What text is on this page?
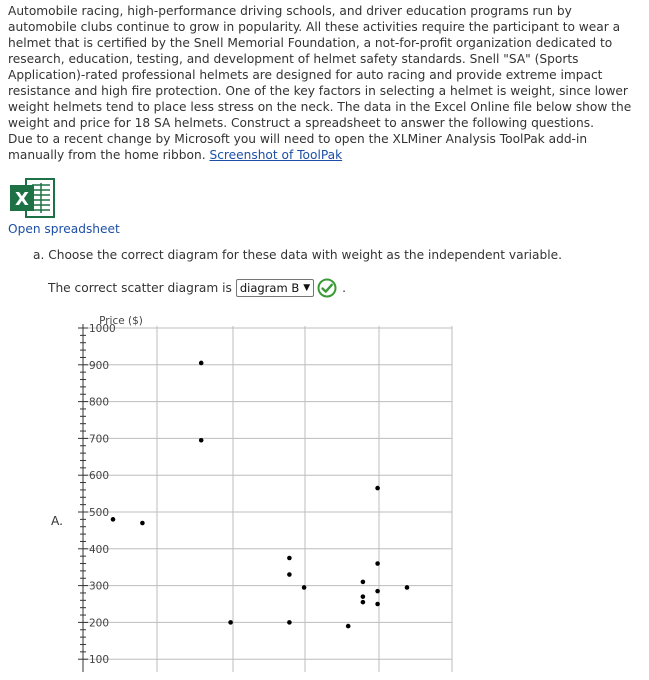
Automobile racing, high-performance driving schools, and driver education programs run by automobile clubs continue to grow in popularity. All these activities require the participant to wear a helmet that is certified by the Snell Memorial Foundation, a not-for-profit organization dedicated to research, education, testing, and development of helmet safety standards. Snell "SA" (Sports Application)-rated professional helmets are designed for auto racing and provide extreme impact resistance and high fire protection. One of the key factors in selecting a helmet is weight, since lower weight helmets tend to place less stress on the neck. The data in the Excel Online file below show the weight and price for 18 SA helmets. Construct a spreadsheet to answer the following questions.

Due to a recent change by Microsoft you will need to open the XLMiner Analysis ToolPak add-in manually from the home ribbon. Screenshot of ToolPak

X
Open spreadsheet
a. Choose the correct diagram for these data with weight as the independent variable.
The correct scatter diagram is diagram B ▼	.
A.
1000
900
800
700
600
500
400
300
200
100
Price ($)
